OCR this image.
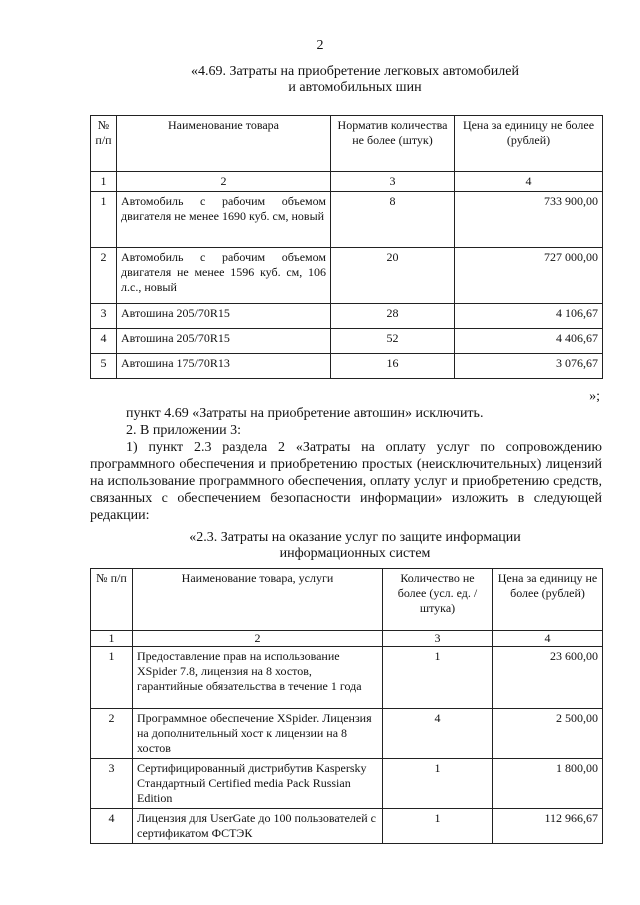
2
«4.69. Затраты на приобретение легковых автомобилей
и автомобильных шин
№ п/п	Наименование товара	Норматив количества не более (штук)	Цена за единицу не более (рублей)
1	2	3	4
1	Автомобиль с рабочим объемом двигателя не менее 1690 куб. см, новый	8	733 900,00
2	Автомобиль с рабочим объемом двигателя не менее 1596 куб. см, 106 л.с., новый	20	727 000,00
3	Автошина 205/70R15	28	4 106,67
4	Автошина 205/70R15	52	4 406,67
5	Автошина 175/70R13	16	3 076,67
»;
пункт 4.69 «Затраты на приобретение автошин» исключить.
2. В приложении 3:
1) пункт 2.3 раздела 2 «Затраты на оплату услуг по сопровождению программного обеспечения и приобретению простых (неисключительных) лицензий на использование программного обеспечения, оплату услуг и приобретению средств, связанных с обеспечением безопасности информации» изложить в следующей редакции:
«2.3. Затраты на оказание услуг по защите информации
информационных систем
№ п/п	Наименование товара, услуги	Количество не более (усл. ед. /штука)	Цена за единицу не более (рублей)
1	2	3	4
1	Предоставление прав на использование XSpider 7.8, лицензия на 8 хостов, гарантийные обязательства в течение 1 года	1	23 600,00
2	Программное обеспечение XSpider. Лицензия на дополнительный хост к лицензии на 8 хостов	4	2 500,00
3	Сертифицированный дистрибутив Kaspersky Стандартный Certified media Pack Russian Edition	1	1 800,00
4	Лицензия для UserGate до 100 пользователей с сертификатом ФСТЭК	1	112 966,67
